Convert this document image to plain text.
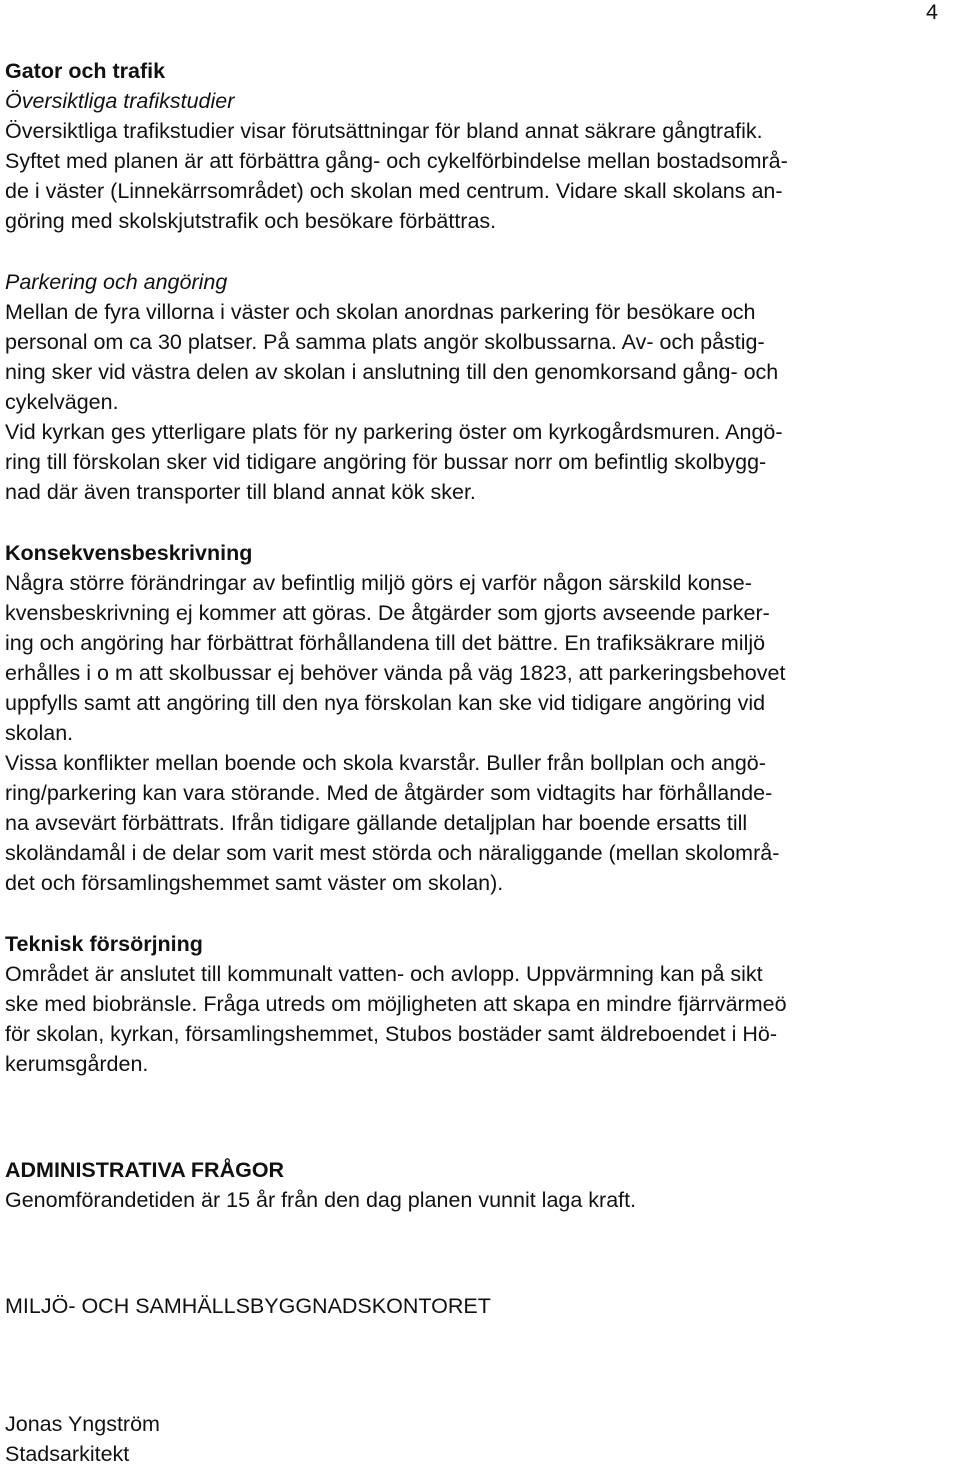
4
Gator och trafik
Översiktliga trafikstudier
Översiktliga trafikstudier visar förutsättningar för bland annat säkrare gångtrafik.
Syftet med planen är att förbättra gång- och cykelförbindelse mellan bostadsområ-
de i väster (Linnekärrsområdet) och skolan med centrum. Vidare skall skolans an-
göring med skolskjutstrafik och besökare förbättras.
Parkering och angöring
Mellan de fyra villorna i väster och skolan anordnas parkering för besökare och
personal om ca 30 platser. På samma plats angör skolbussarna. Av- och påstig-
ning sker vid västra delen av skolan i anslutning till den genomkorsand gång- och
cykelvägen.
Vid kyrkan ges ytterligare plats för ny parkering öster om kyrkogårdsmuren. Angö-
ring till förskolan sker vid tidigare angöring för bussar norr om befintlig skolbygg-
nad där även transporter till bland annat kök sker.
Konsekvensbeskrivning
Några större förändringar av befintlig miljö görs ej varför någon särskild konse-
kvensbeskrivning ej kommer att göras. De åtgärder som gjorts avseende parker-
ing och angöring har förbättrat förhållandena till det bättre. En trafiksäkrare miljö
erhålles i o m att skolbussar ej behöver vända på väg 1823, att parkeringsbehovet
uppfylls samt att angöring till den nya förskolan kan ske vid tidigare angöring vid
skolan.
Vissa konflikter mellan boende och skola kvarstår. Buller från bollplan och angö-
ring/parkering kan vara störande. Med de åtgärder som vidtagits har förhållande-
na avsevärt förbättrats. Ifrån tidigare gällande detaljplan har boende ersatts till
skoländamål i de delar som varit mest störda och näraliggande (mellan skolområ-
det och församlingshemmet samt väster om skolan).
Teknisk försörjning
Området är anslutet till kommunalt vatten- och avlopp. Uppvärmning kan på sikt
ske med biobränsle. Fråga utreds om möjligheten att skapa en mindre fjärrvärmeö
för skolan, kyrkan, församlingshemmet, Stubos bostäder samt äldreboendet i Hö-
kerumsgården.
ADMINISTRATIVA FRÅGOR
Genomförandetiden är 15 år från den dag planen vunnit laga kraft.
MILJÖ- OCH SAMHÄLLSBYGGNADSKONTORET
Jonas Yngström
Stadsarkitekt
